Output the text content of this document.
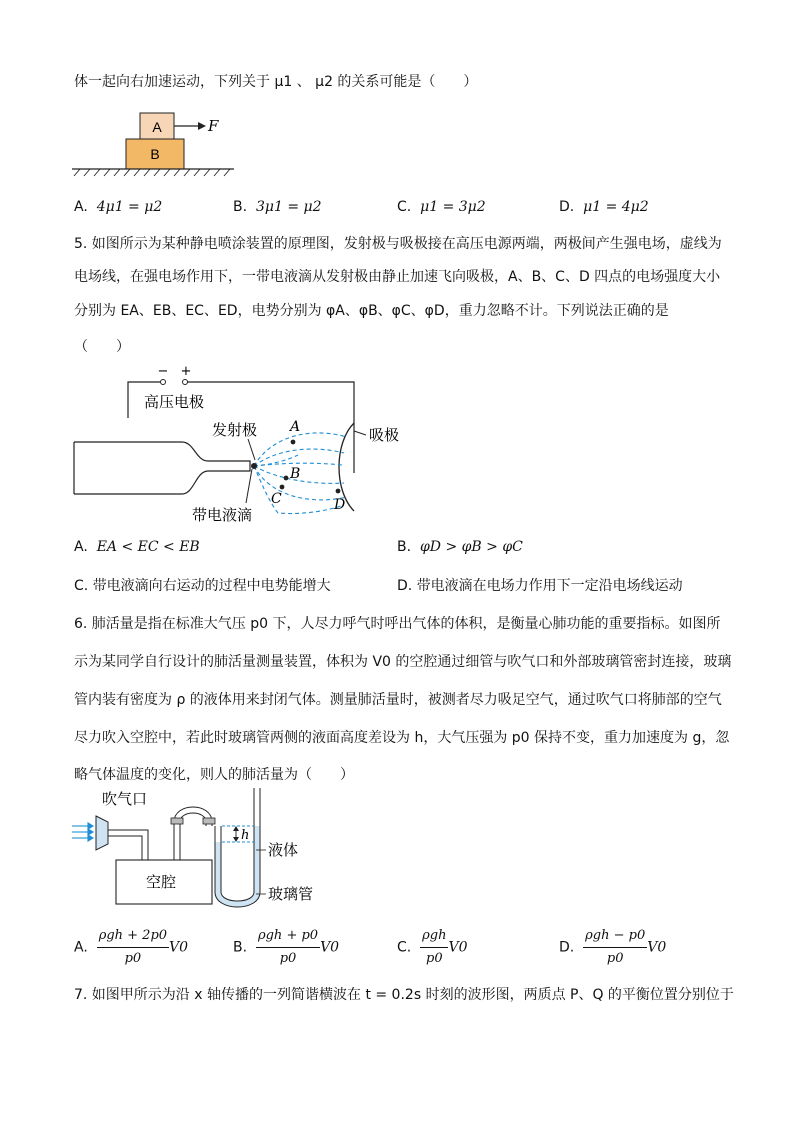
体一起向右加速运动，下列关于 μ1 、 μ2 的关系可能是（　　）
A
B
F
A. 4μ1 = μ2	B. 3μ1 = μ2	C. μ1 = 3μ2	D. μ1 = 4μ2
5. 如图所示为某种静电喷涂装置的原理图，发射极与吸极接在高压电源两端，两极间产生强电场，虚线为
电场线，在强电场作用下，一带电液滴从发射极由静止加速飞向吸极，A、B、C、D 四点的电场强度大小
分别为 EA、EB、EC、ED，电势分别为 φA、φB、φC、φD，重力忽略不计。下列说法正确的是
（　　）
− +
高压电极
发射极	吸极
A
B
C	D
带电液滴
A. EA < EC < EB	B. φD > φB > φC
C. 带电液滴向右运动的过程中电势能增大	D. 带电液滴在电场力作用下一定沿电场线运动
6. 肺活量是指在标准大气压 p0 下，人尽力呼气时呼出气体的体积，是衡量心肺功能的重要指标。如图所
示为某同学自行设计的肺活量测量装置，体积为 V0 的空腔通过细管与吹气口和外部玻璃管密封连接，玻璃
管内装有密度为 ρ 的液体用来封闭气体。测量肺活量时，被测者尽力吸足空气，通过吹气口将肺部的空气
尽力吹入空腔中，若此时玻璃管两侧的液面高度差设为 h，大气压强为 p0 保持不变，重力加速度为 g，忽
略气体温度的变化，则人的肺活量为（　　）
吹气口
空腔
h
液体
玻璃管
A. $\frac{\text{ρgh + 2p0}}{p0} V0$	B. $\frac{\text{ρgh + p0}}{p0} V0$	C. $\frac{\text{ρgh}}{p0} V0$	D. $\frac{\text{ρgh − p0}}{p0} V0$
7. 如图甲所示为沿 x 轴传播的一列简谐横波在 t = 0.2s 时刻的波形图，两质点 P、Q 的平衡位置分别位于
